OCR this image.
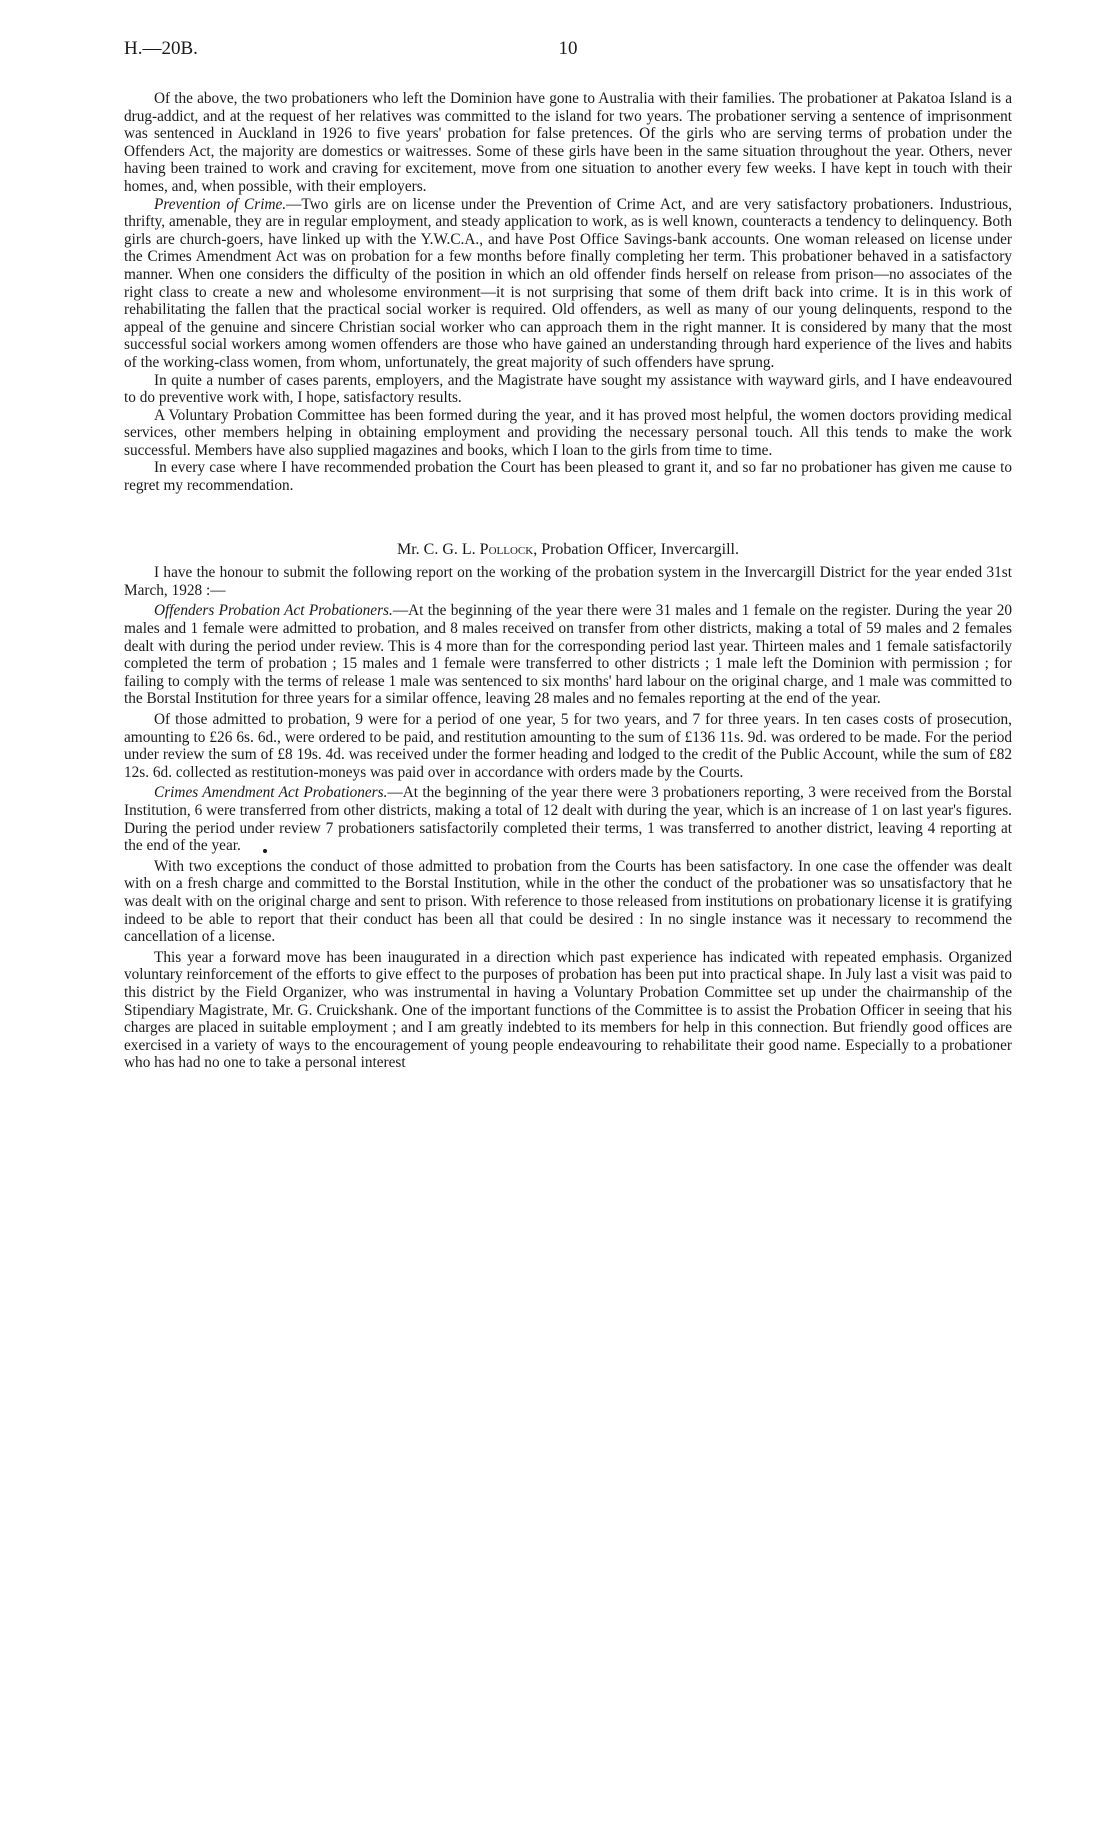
H.—20B.	10

Of the above, the two probationers who left the Dominion have gone to Australia with their families. The probationer at Pakatoa Island is a drug-addict, and at the request of her relatives was committed to the island for two years. The probationer serving a sentence of imprisonment was sentenced in Auckland in 1926 to five years' probation for false pretences. Of the girls who are serving terms of probation under the Offenders Act, the majority are domestics or waitresses. Some of these girls have been in the same situation throughout the year. Others, never having been trained to work and craving for excitement, move from one situation to another every few weeks. I have kept in touch with their homes, and, when possible, with their employers.

Prevention of Crime.—Two girls are on license under the Prevention of Crime Act, and are very satisfactory probationers. Industrious, thrifty, amenable, they are in regular employment, and steady application to work, as is well known, counteracts a tendency to delinquency. Both girls are church-goers, have linked up with the Y.W.C.A., and have Post Office Savings-bank accounts. One woman released on license under the Crimes Amendment Act was on probation for a few months before finally completing her term. This probationer behaved in a satisfactory manner. When one considers the difficulty of the position in which an old offender finds herself on release from prison—no associates of the right class to create a new and wholesome environment—it is not surprising that some of them drift back into crime. It is in this work of rehabilitating the fallen that the practical social worker is required. Old offenders, as well as many of our young delinquents, respond to the appeal of the genuine and sincere Christian social worker who can approach them in the right manner. It is considered by many that the most successful social workers among women offenders are those who have gained an understanding through hard experience of the lives and habits of the working-class women, from whom, unfortunately, the great majority of such offenders have sprung.

In quite a number of cases parents, employers, and the Magistrate have sought my assistance with wayward girls, and I have endeavoured to do preventive work with, I hope, satisfactory results.

A Voluntary Probation Committee has been formed during the year, and it has proved most helpful, the women doctors providing medical services, other members helping in obtaining employment and providing the necessary personal touch. All this tends to make the work successful. Members have also supplied magazines and books, which I loan to the girls from time to time.

In every case where I have recommended probation the Court has been pleased to grant it, and so far no probationer has given me cause to regret my recommendation.

Mr. C. G. L. Pollock, Probation Officer, Invercargill.

I have the honour to submit the following report on the working of the probation system in the Invercargill District for the year ended 31st March, 1928 :—

Offenders Probation Act Probationers.—At the beginning of the year there were 31 males and 1 female on the register. During the year 20 males and 1 female were admitted to probation, and 8 males received on transfer from other districts, making a total of 59 males and 2 females dealt with during the period under review. This is 4 more than for the corresponding period last year. Thirteen males and 1 female satisfactorily completed the term of probation ; 15 males and 1 female were transferred to other districts ; 1 male left the Dominion with permission ; for failing to comply with the terms of release 1 male was sentenced to six months' hard labour on the original charge, and 1 male was committed to the Borstal Institution for three years for a similar offence, leaving 28 males and no females reporting at the end of the year.

Of those admitted to probation, 9 were for a period of one year, 5 for two years, and 7 for three years. In ten cases costs of prosecution, amounting to £26 6s. 6d., were ordered to be paid, and restitution amounting to the sum of £136 11s. 9d. was ordered to be made. For the period under review the sum of £8 19s. 4d. was received under the former heading and lodged to the credit of the Public Account, while the sum of £82 12s. 6d. collected as restitution-moneys was paid over in accordance with orders made by the Courts.

Crimes Amendment Act Probationers.—At the beginning of the year there were 3 probationers reporting, 3 were received from the Borstal Institution, 6 were transferred from other districts, making a total of 12 dealt with during the year, which is an increase of 1 on last year's figures. During the period under review 7 probationers satisfactorily completed their terms, 1 was transferred to another district, leaving 4 reporting at the end of the year.

With two exceptions the conduct of those admitted to probation from the Courts has been satisfactory. In one case the offender was dealt with on a fresh charge and committed to the Borstal Institution, while in the other the conduct of the probationer was so unsatisfactory that he was dealt with on the original charge and sent to prison. With reference to those released from institutions on probationary license it is gratifying indeed to be able to report that their conduct has been all that could be desired : In no single instance was it necessary to recommend the cancellation of a license.

This year a forward move has been inaugurated in a direction which past experience has indicated with repeated emphasis. Organized voluntary reinforcement of the efforts to give effect to the purposes of probation has been put into practical shape. In July last a visit was paid to this district by the Field Organizer, who was instrumental in having a Voluntary Probation Committee set up under the chairmanship of the Stipendiary Magistrate, Mr. G. Cruickshank. One of the important functions of the Committee is to assist the Probation Officer in seeing that his charges are placed in suitable employment ; and I am greatly indebted to its members for help in this connection. But friendly good offices are exercised in a variety of ways to the encouragement of young people endeavouring to rehabilitate their good name. Especially to a probationer who has had no one to take a personal interest
